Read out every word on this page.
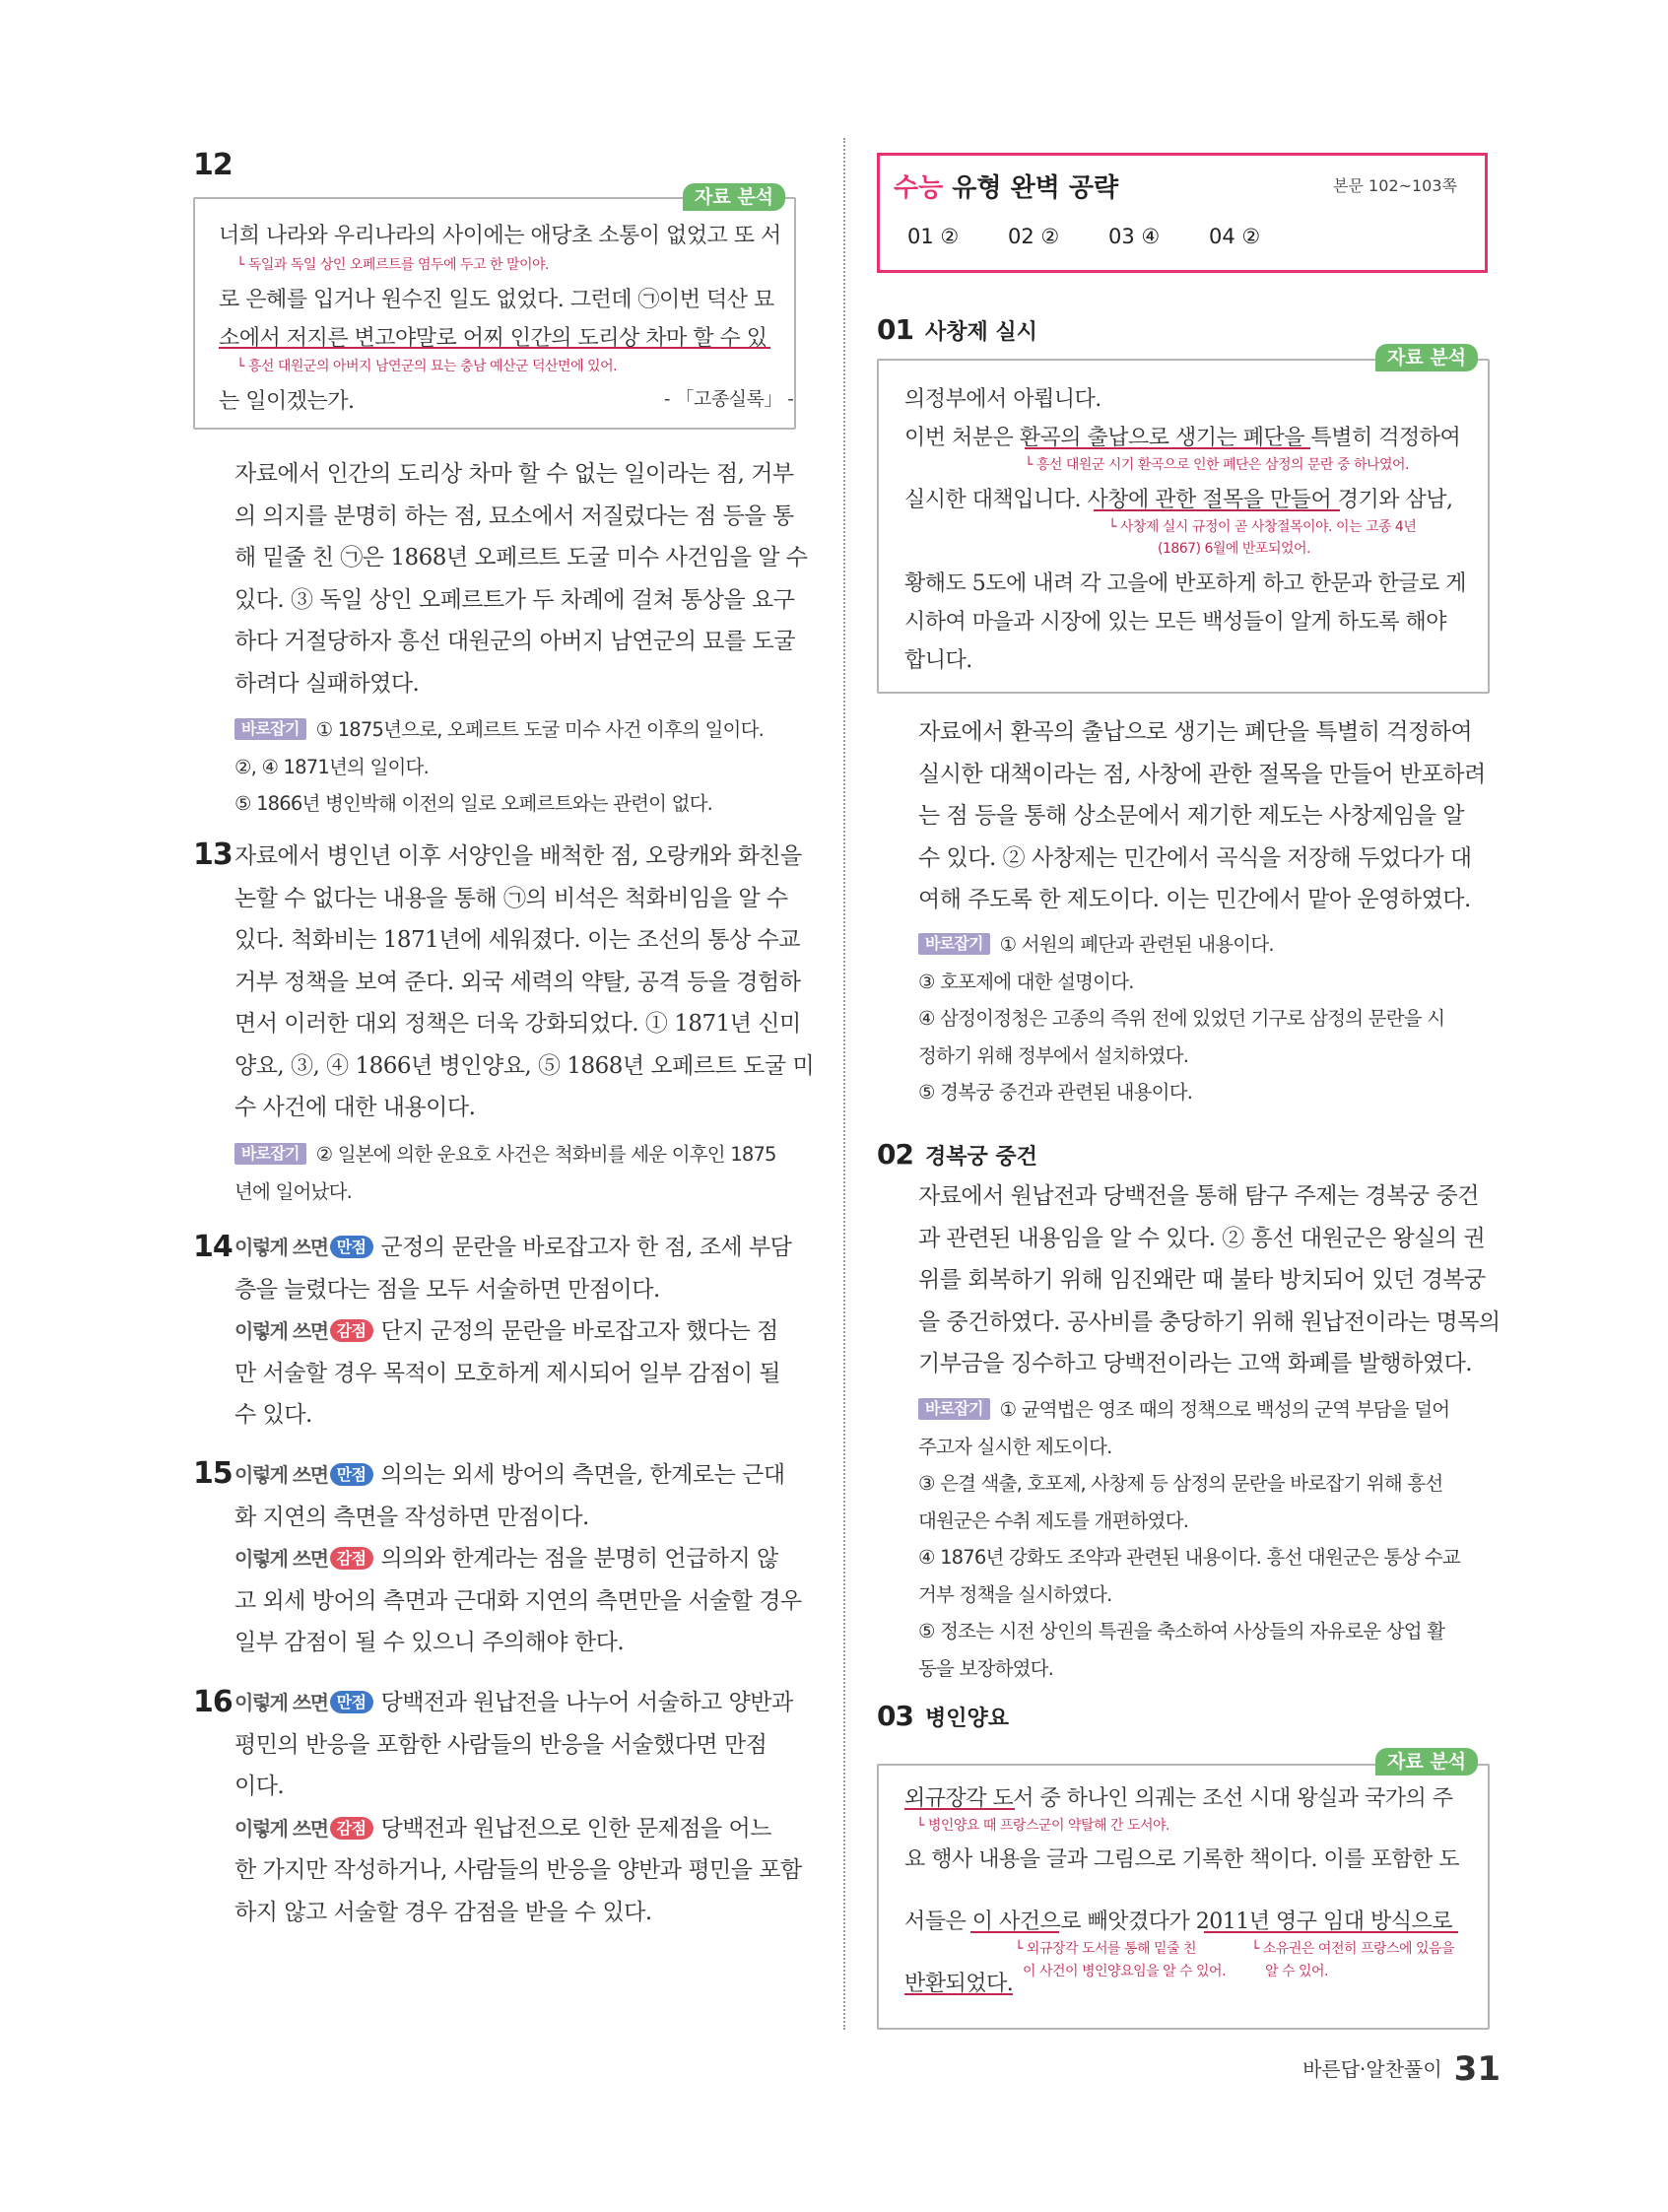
12
자료 분석
너희 나라와 우리나라의 사이에는 애당초 소통이 없었고 또 서
└ 독일과 독일 상인 오페르트를 염두에 두고 한 말이야.
로 은혜를 입거나 원수진 일도 없었다. 그런데 ㉠이번 덕산 묘
소에서 저지른 변고야말로 어찌 인간의 도리상 차마 할 수 있
└ 흥선 대원군의 아버지 남연군의 묘는 충남 예산군 덕산면에 있어.
는 일이겠는가.	- 「고종실록」 -
자료에서 인간의 도리상 차마 할 수 없는 일이라는 점, 거부
의 의지를 분명히 하는 점, 묘소에서 저질렀다는 점 등을 통
해 밑줄 친 ㉠은 1868년 오페르트 도굴 미수 사건임을 알 수
있다. ③ 독일 상인 오페르트가 두 차례에 걸쳐 통상을 요구
하다 거절당하자 흥선 대원군의 아버지 남연군의 묘를 도굴
하려다 실패하였다.
바로잡기 ① 1875년으로, 오페르트 도굴 미수 사건 이후의 일이다.
②, ④ 1871년의 일이다.
⑤ 1866년 병인박해 이전의 일로 오페르트와는 관련이 없다.
13 자료에서 병인년 이후 서양인을 배척한 점, 오랑캐와 화친을
논할 수 없다는 내용을 통해 ㉠의 비석은 척화비임을 알 수
있다. 척화비는 1871년에 세워졌다. 이는 조선의 통상 수교
거부 정책을 보여 준다. 외국 세력의 약탈, 공격 등을 경험하
면서 이러한 대외 정책은 더욱 강화되었다. ① 1871년 신미
양요, ③, ④ 1866년 병인양요, ⑤ 1868년 오페르트 도굴 미
수 사건에 대한 내용이다.
바로잡기 ② 일본에 의한 운요호 사건은 척화비를 세운 이후인 1875
년에 일어났다.
14 이렇게 쓰면 만점 군정의 문란을 바로잡고자 한 점, 조세 부담
층을 늘렸다는 점을 모두 서술하면 만점이다.
이렇게 쓰면 감점 단지 군정의 문란을 바로잡고자 했다는 점
만 서술할 경우 목적이 모호하게 제시되어 일부 감점이 될
수 있다.
15 이렇게 쓰면 만점 의의는 외세 방어의 측면을, 한계로는 근대
화 지연의 측면을 작성하면 만점이다.
이렇게 쓰면 감점 의의와 한계라는 점을 분명히 언급하지 않
고 외세 방어의 측면과 근대화 지연의 측면만을 서술할 경우
일부 감점이 될 수 있으니 주의해야 한다.
16 이렇게 쓰면 만점 당백전과 원납전을 나누어 서술하고 양반과
평민의 반응을 포함한 사람들의 반응을 서술했다면 만점
이다.
이렇게 쓰면 감점 당백전과 원납전으로 인한 문제점을 어느
한 가지만 작성하거나, 사람들의 반응을 양반과 평민을 포함
하지 않고 서술할 경우 감점을 받을 수 있다.
수능 유형 완벽 공략	본문 102~103쪽
01 ② 02 ② 03 ④ 04 ②
01 사창제 실시
자료 분석
의정부에서 아룁니다.
이번 처분은 환곡의 출납으로 생기는 폐단을 특별히 걱정하여
└ 흥선 대원군 시기 환곡으로 인한 폐단은 삼정의 문란 중 하나였어.
실시한 대책입니다. 사창에 관한 절목을 만들어 경기와 삼남,
└ 사창제 실시 규정이 곧 사창절목이야. 이는 고종 4년
(1867) 6월에 반포되었어.
황해도 5도에 내려 각 고을에 반포하게 하고 한문과 한글로 게
시하여 마을과 시장에 있는 모든 백성들이 알게 하도록 해야
합니다.
자료에서 환곡의 출납으로 생기는 폐단을 특별히 걱정하여
실시한 대책이라는 점, 사창에 관한 절목을 만들어 반포하려
는 점 등을 통해 상소문에서 제기한 제도는 사창제임을 알
수 있다. ② 사창제는 민간에서 곡식을 저장해 두었다가 대
여해 주도록 한 제도이다. 이는 민간에서 맡아 운영하였다.
바로잡기 ① 서원의 폐단과 관련된 내용이다.
③ 호포제에 대한 설명이다.
④ 삼정이정청은 고종의 즉위 전에 있었던 기구로 삼정의 문란을 시
정하기 위해 정부에서 설치하였다.
⑤ 경복궁 중건과 관련된 내용이다.
02 경복궁 중건
자료에서 원납전과 당백전을 통해 탐구 주제는 경복궁 중건
과 관련된 내용임을 알 수 있다. ② 흥선 대원군은 왕실의 권
위를 회복하기 위해 임진왜란 때 불타 방치되어 있던 경복궁
을 중건하였다. 공사비를 충당하기 위해 원납전이라는 명목의
기부금을 징수하고 당백전이라는 고액 화폐를 발행하였다.
바로잡기 ① 균역법은 영조 때의 정책으로 백성의 군역 부담을 덜어
주고자 실시한 제도이다.
③ 은결 색출, 호포제, 사창제 등 삼정의 문란을 바로잡기 위해 흥선
대원군은 수취 제도를 개편하였다.
④ 1876년 강화도 조약과 관련된 내용이다. 흥선 대원군은 통상 수교
거부 정책을 실시하였다.
⑤ 정조는 시전 상인의 특권을 축소하여 사상들의 자유로운 상업 활
동을 보장하였다.
03 병인양요
자료 분석
외규장각 도서 중 하나인 의궤는 조선 시대 왕실과 국가의 주
└ 병인양요 때 프랑스군이 약탈해 간 도서야.
요 행사 내용을 글과 그림으로 기록한 책이다. 이를 포함한 도
서들은 이 사건으로 빼앗겼다가 2011년 영구 임대 방식으로
└ 외규장각 도서를 통해 밑줄 친
이 사건이 병인양요임을 알 수 있어.
└ 소유권은 여전히 프랑스에 있음을
알 수 있어.
반환되었다.
바른답·알찬풀이 31
